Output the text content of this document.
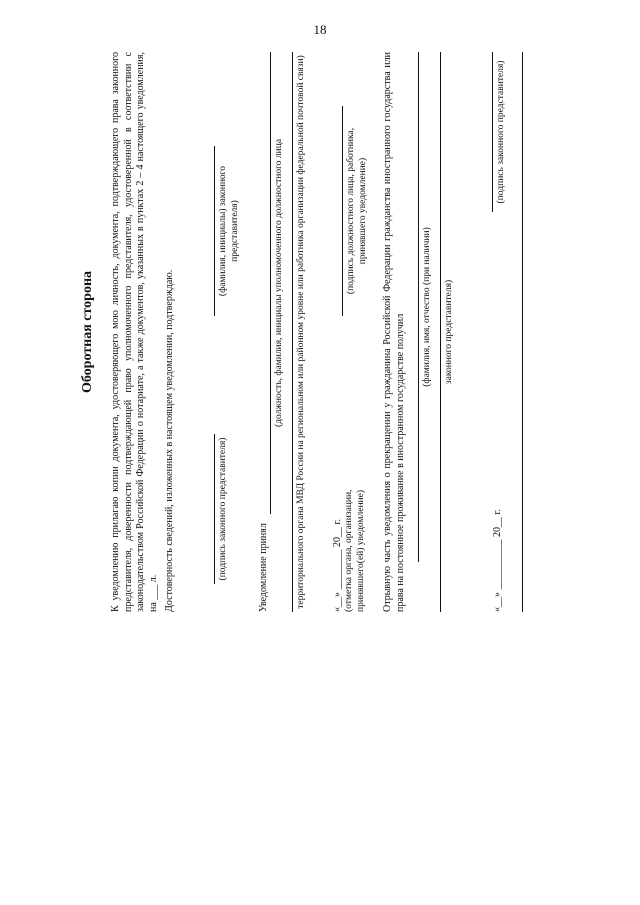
18
Оборотная сторона К уведомлению прилагаю копии документа, удостоверяющего мою личность, документа, подтверждающего права законного представителя, доверенности подтверждающей право уполномоченного представителя, удостоверенной в соответствии с законодательством Российской Федерации о нотариате, а также документов, указанных в пунктах 2 – 4 настоящего уведомления, на ___ л. Достоверность сведений, изложенных в настоящем уведомлении, подтверждаю.	(подпись законного представителя)
(фамилия, инициалы) законного представителя)
Уведомление принял
(должность, фамилия, инициалы уполномоченного должностного лица территориального органа МВД России на региональном или районном уровне или работника организации федеральной почтовой связи)	«__» ________ 20__ г. (отметка органа, организации, принявшего(ей) уведомление)
(подпись должностного лица, работника, принявшего уведомление) Отрывную часть уведомления о прекращении у гражданина Российской Федерации гражданства иностранного государства или права на постоянное проживание в иностранном государстве получил
(фамилия, имя, отчество (при наличии) законного представителя)
«__» __________ 20__ г.
(подпись законного представителя)
